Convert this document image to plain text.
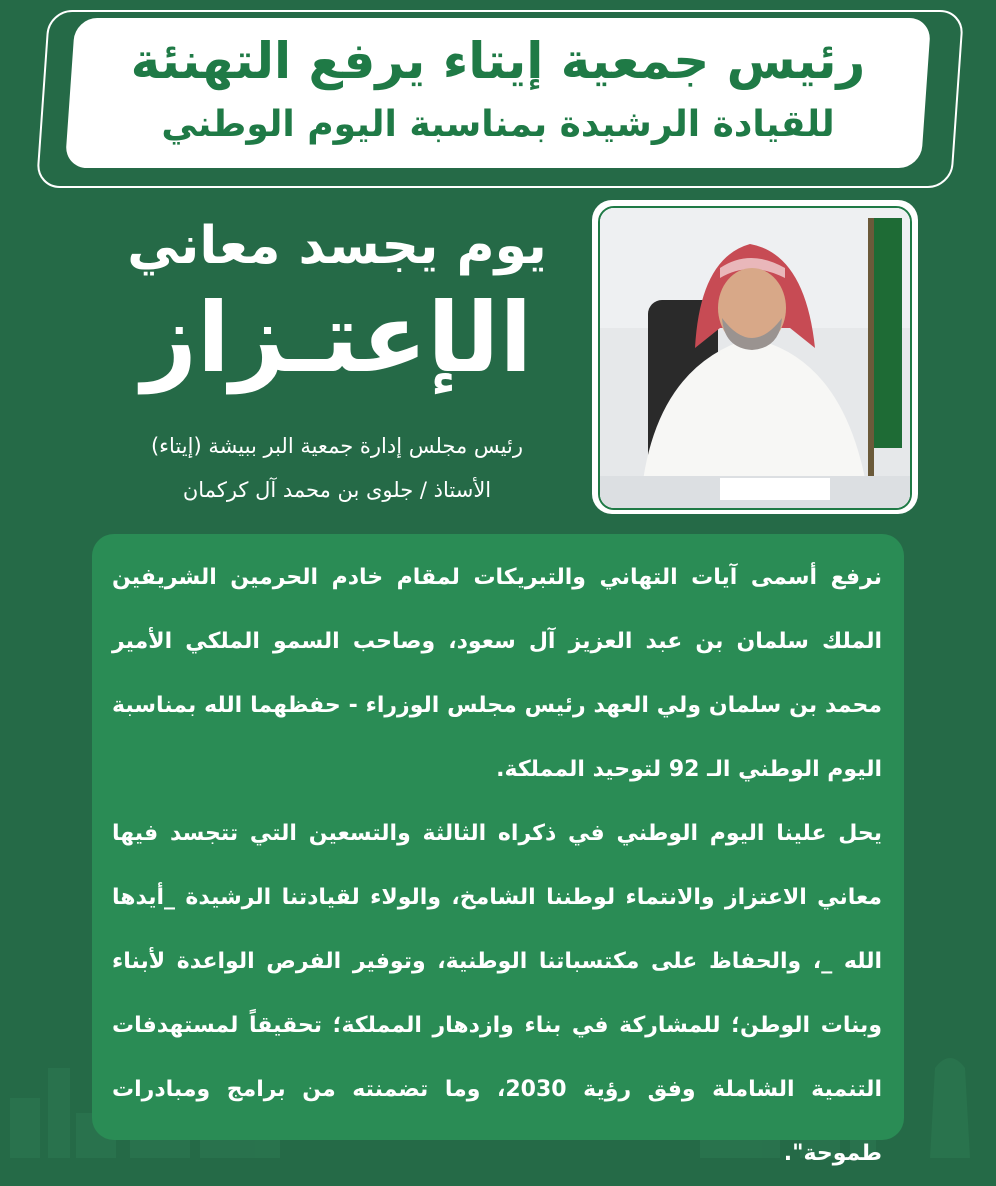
رئيس جمعية إيتاء يرفع التهنئة
للقيادة الرشيدة بمناسبة اليوم الوطني
يوم يجسد معاني
الإعتـزاز
رئيس مجلس إدارة جمعية البر ببيشة (إيتاء)
الأستاذ / جلوى بن محمد آل كركمان

نرفع أسمى آيات التهاني والتبريكات لمقام خادم الحرمين الشريفين الملك سلمان بن عبد العزيز آل سعود، وصاحب السمو الملكي الأمير محمد بن سلمان ولي العهد رئيس مجلس الوزراء - حفظهما الله بمناسبة اليوم الوطني الـ 92 لتوحيد المملكة.

يحل علينا اليوم الوطني في ذكراه الثالثة والتسعين التي تتجسد فيها معاني الاعتزاز والانتماء لوطننا الشامخ، والولاء لقيادتنا الرشيدة _أيدها الله _، والحفاظ على مكتسباتنا الوطنية، وتوفير الفرص الواعدة لأبناء وبنات الوطن؛ للمشاركة في بناء وازدهار المملكة؛ تحقيقاً لمستهدفات التنمية الشاملة وفق رؤية 2030، وما تضمنته من برامج ومبادرات طموحة".
